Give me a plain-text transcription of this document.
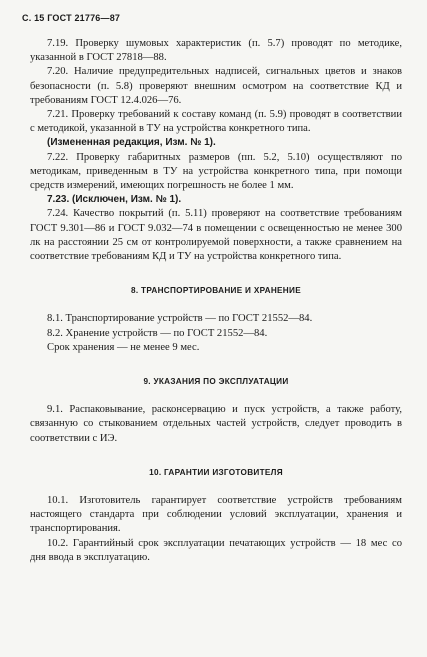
С. 15 ГОСТ 21776—87

7.19. Проверку шумовых характеристик (п. 5.7) проводят по методике, указанной в ГОСТ 27818—88.

7.20. Наличие предупредительных надписей, сигнальных цветов и знаков безопасности (п. 5.8) проверяют внешним осмотром на соответствие КД и требованиям ГОСТ 12.4.026—76.

7.21. Проверку требований к составу команд (п. 5.9) проводят в соответствии с методикой, указанной в ТУ на устройства конкретного типа.

(Измененная редакция, Изм. № 1).

7.22. Проверку габаритных размеров (пп. 5.2, 5.10) осуществляют по методикам, приведенным в ТУ на устройства конкретного типа, при помощи средств измерений, имеющих погрешность не более 1 мм.

7.23. (Исключен, Изм. № 1).

7.24. Качество покрытий (п. 5.11) проверяют на соответствие требованиям ГОСТ 9.301—86 и ГОСТ 9.032—74 в помещении с освещенностью не менее 300 лк на расстоянии 25 см от контролируемой поверхности, а также сравнением на соответствие требованиям КД и ТУ на устройства конкретного типа.

8. ТРАНСПОРТИРОВАНИЕ И ХРАНЕНИЕ

8.1. Транспортирование устройств — по ГОСТ 21552—84.

8.2. Хранение устройств — по ГОСТ 21552—84.

Срок хранения — не менее 9 мес.

9. УКАЗАНИЯ ПО ЭКСПЛУАТАЦИИ

9.1. Распаковывание, расконсервацию и пуск устройств, а также работу, связанную со стыкованием отдельных частей устройств, следует проводить в соответствии с ИЭ.

10. ГАРАНТИИ ИЗГОТОВИТЕЛЯ

10.1. Изготовитель гарантирует соответствие устройств требованиям настоящего стандарта при соблюдении условий эксплуатации, хранения и транспортирования.

10.2. Гарантийный срок эксплуатации печатающих устройств — 18 мес со дня ввода в эксплуатацию.
